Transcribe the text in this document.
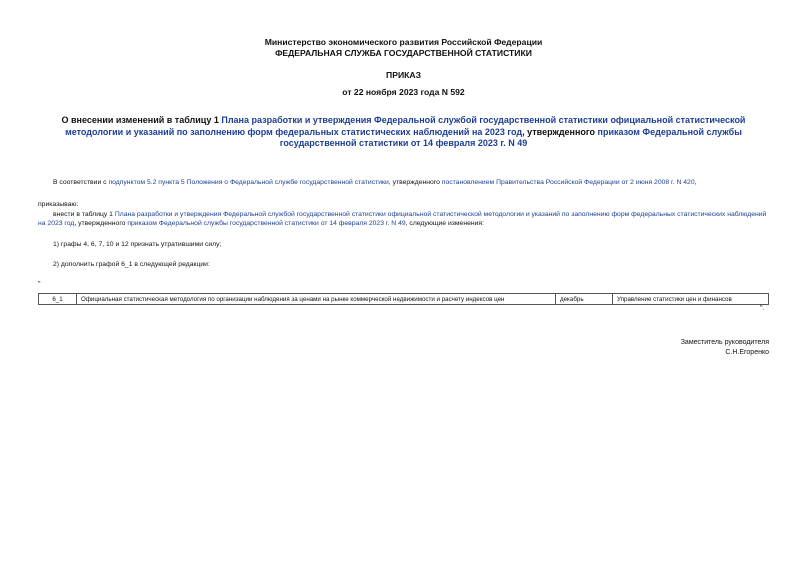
Министерство экономического развития Российской Федерации
ФЕДЕРАЛЬНАЯ СЛУЖБА ГОСУДАРСТВЕННОЙ СТАТИСТИКИ
ПРИКАЗ
от 22 ноября 2023 года N 592
О внесении изменений в таблицу 1 Плана разработки и утверждения Федеральной службой государственной статистики официальной статистической методологии и указаний по заполнению форм федеральных статистических наблюдений на 2023 год, утвержденного приказом Федеральной службы государственной статистики от 14 февраля 2023 г. N 49
В соответствии с подпунктом 5.2 пункта 5 Положения о Федеральной службе государственной статистики, утвержденного постановлением Правительства Российской Федерации от 2 июня 2008 г. N 420,
приказываю:
внести в таблицу 1 Плана разработки и утверждения Федеральной службой государственной статистики официальной статистической методологии и указаний по заполнению форм федеральных статистических наблюдений на 2023 год, утвержденного приказом Федеральной службы государственной статистики от 14 февраля 2023 г. N 49, следующие изменения:
1) графы 4, 6, 7, 10 и 12 признать утратившими силу;
2) дополнить графой 6_1 в следующей редакции:
"
6_1	Официальная статистическая методология по организации наблюдения за ценами на рынке коммерческой недвижимости и расчету индексов цен	декабрь	Управление статистики цен и финансов
".
Заместитель руководителя
С.Н.Егоренко
